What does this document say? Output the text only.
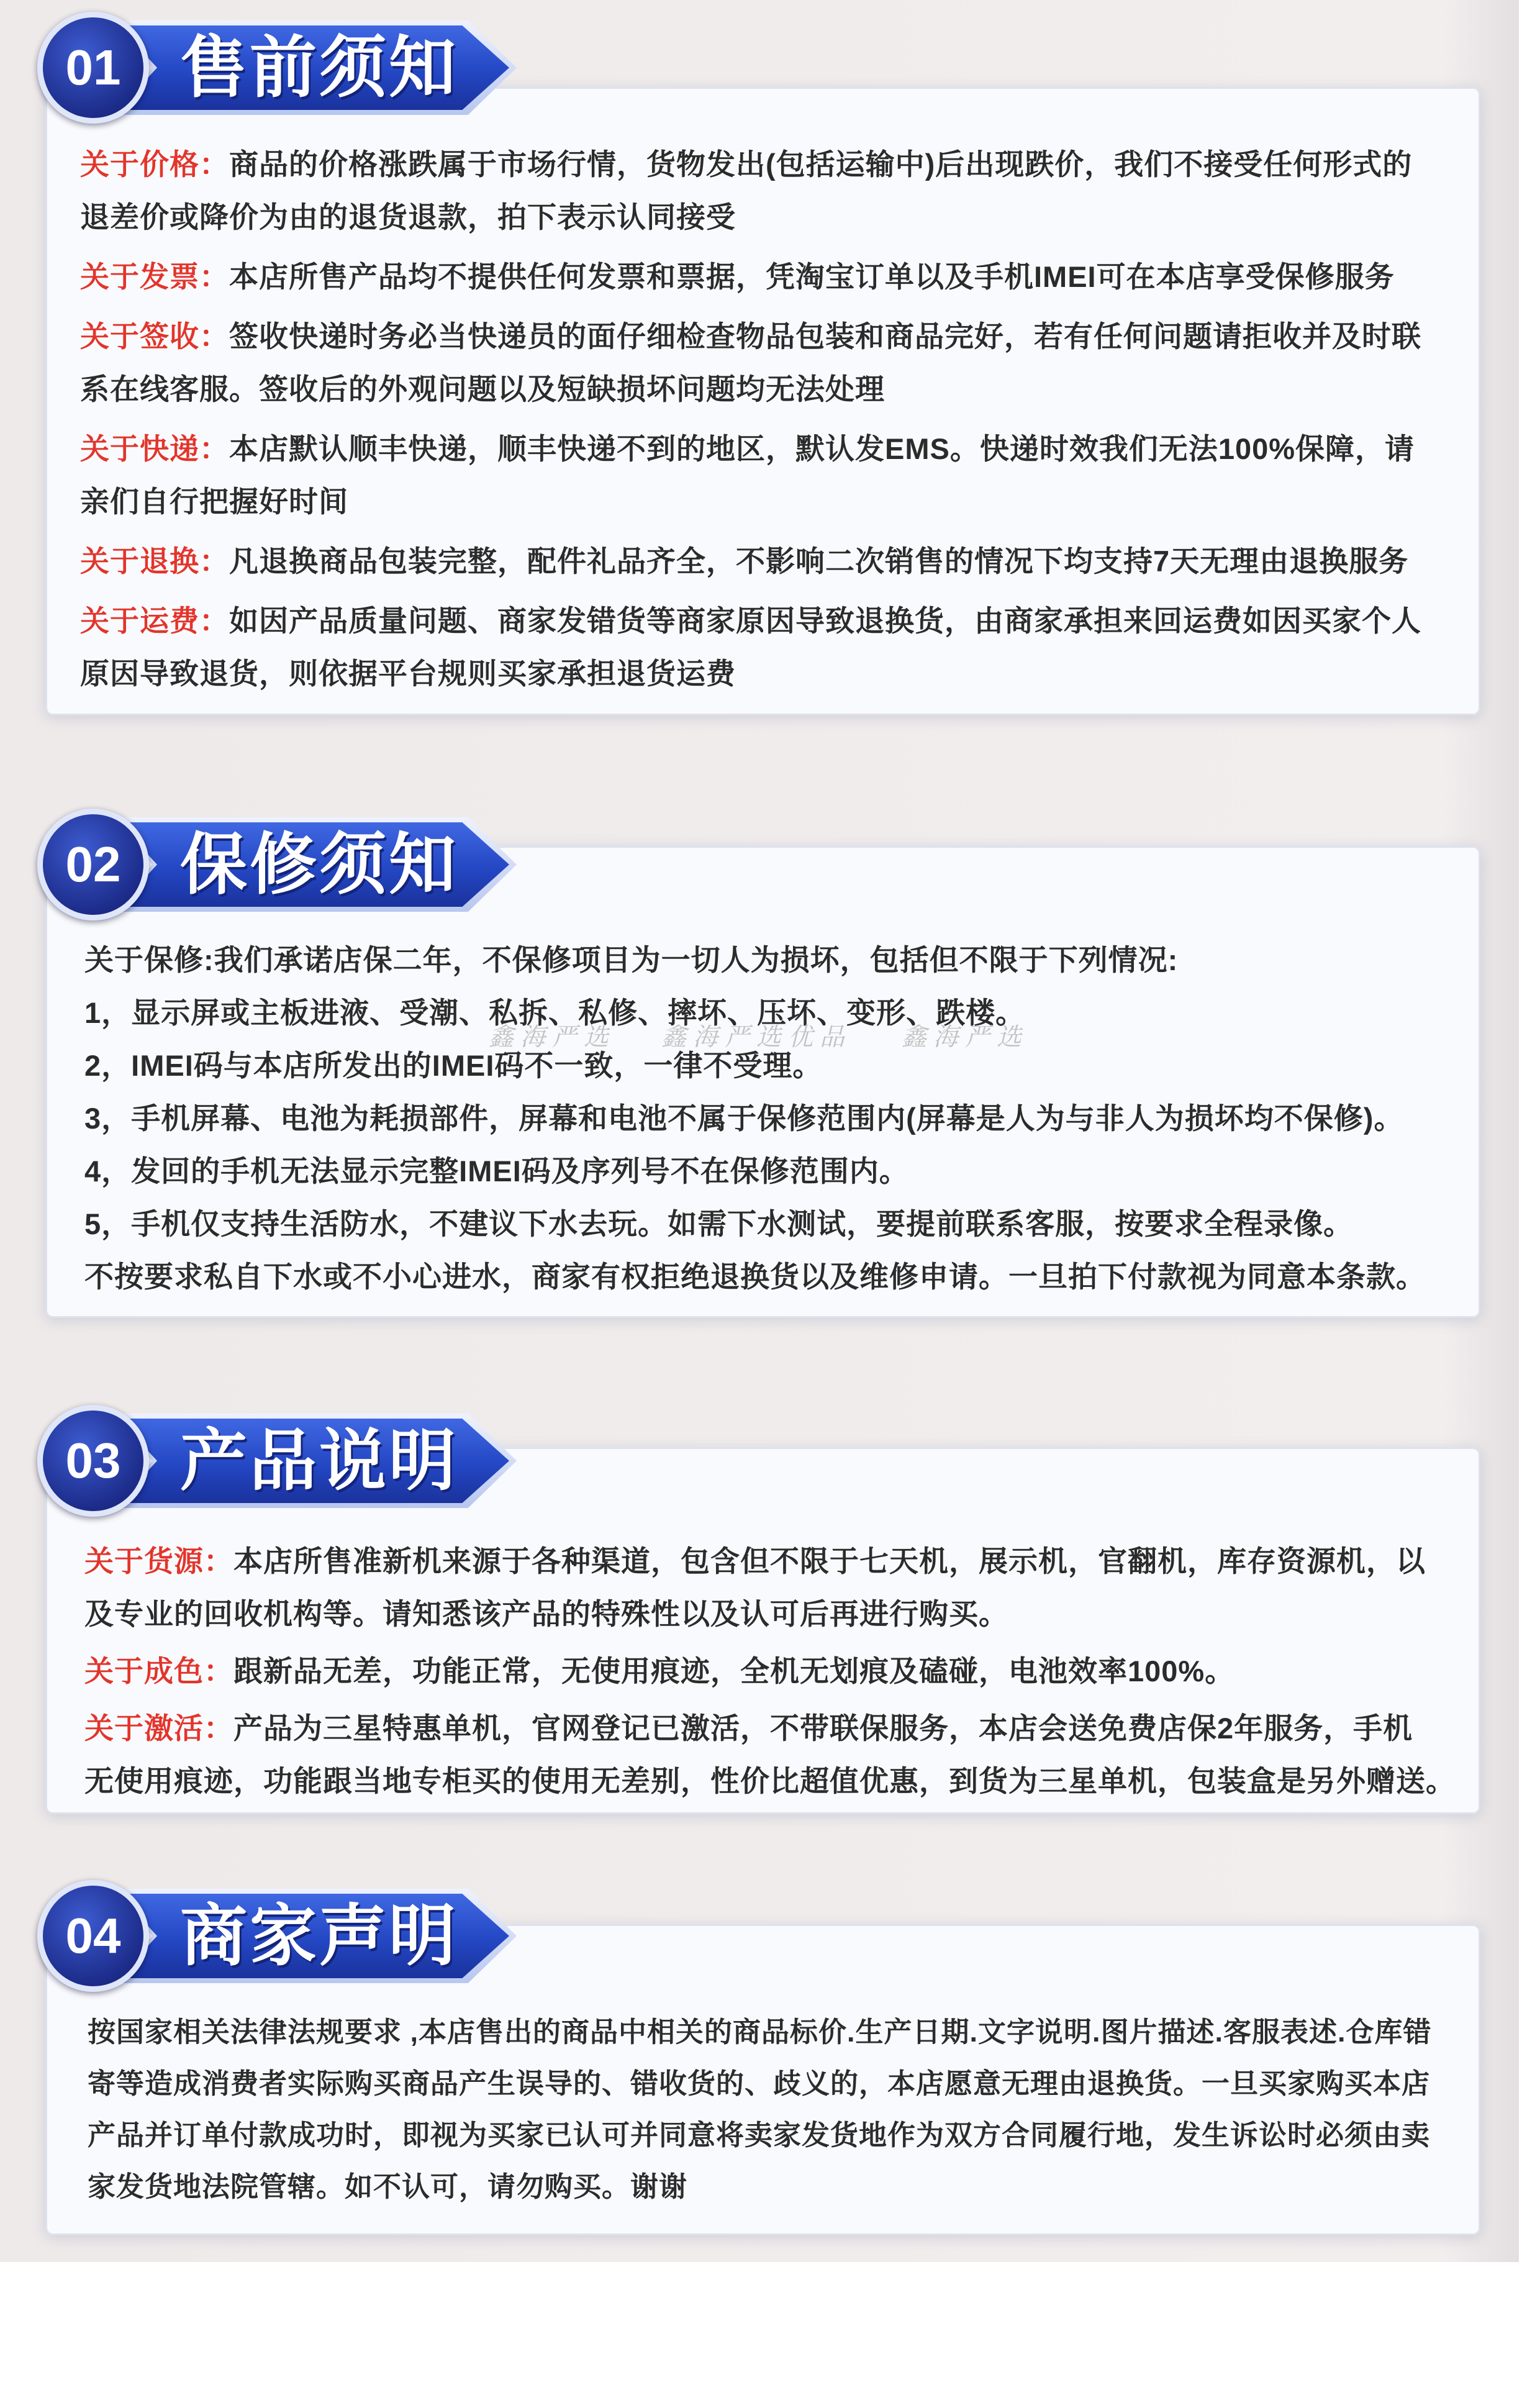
关于价格：商品的价格涨跌属于市场行情，货物发出(包括运输中)后出现跌价，我们不接受任何形式的
退差价或降价为由的退货退款，拍下表示认同接受
关于发票：本店所售产品均不提供任何发票和票据，凭淘宝订单以及手机IMEI可在本店享受保修服务
关于签收：签收快递时务必当快递员的面仔细检查物品包装和商品完好，若有任何问题请拒收并及时联
系在线客服。签收后的外观问题以及短缺损坏问题均无法处理
关于快递：本店默认顺丰快递，顺丰快递不到的地区，默认发EMS。快递时效我们无法100%保障，请
亲们自行把握好时间
关于退换：凡退换商品包装完整，配件礼品齐全，不影响二次销售的情况下均支持7天无理由退换服务
关于运费：如因产品质量问题、商家发错货等商家原因导致退换货，由商家承担来回运费如因买家个人
原因导致退货，则依据平台规则买家承担退货运费
01 售前须知
关于保修:我们承诺店保二年，不保修项目为一切人为损坏，包括但不限于下列情况:
1，显示屏或主板进液、受潮、私拆、私修、摔坏、压坏、变形、跌楼。
2，IMEI码与本店所发出的IMEI码不一致，一律不受理。
3，手机屏幕、电池为耗损部件，屏幕和电池不属于保修范围内(屏幕是人为与非人为损坏均不保修)。
4，发回的手机无法显示完整IMEI码及序列号不在保修范围内。
5，手机仅支持生活防水，不建议下水去玩。如需下水测试，要提前联系客服，按要求全程录像。
不按要求私自下水或不小心进水，商家有权拒绝退换货以及维修申请。一旦拍下付款视为同意本条款。
鑫海严选 鑫海严选优品 鑫海严选
02 保修须知
关于货源：本店所售准新机来源于各种渠道，包含但不限于七天机，展示机，官翻机，库存资源机，以
及专业的回收机构等。请知悉该产品的特殊性以及认可后再进行购买。
关于成色：跟新品无差，功能正常，无使用痕迹，全机无划痕及磕碰，电池效率100%。
关于激活：产品为三星特惠单机，官网登记已激活，不带联保服务，本店会送免费店保2年服务，手机
无使用痕迹，功能跟当地专柜买的使用无差别，性价比超值优惠，到货为三星单机，包装盒是另外赠送。
03 产品说明
按国家相关法律法规要求 ,本店售出的商品中相关的商品标价.生产日期.文字说明.图片描述.客服表述.仓库错
寄等造成消费者实际购买商品产生误导的、错收货的、歧义的，本店愿意无理由退换货。一旦买家购买本店
产品并订单付款成功时，即视为买家已认可并同意将卖家发货地作为双方合同履行地，发生诉讼时必须由卖
家发货地法院管辖。如不认可，请勿购买。谢谢
04 商家声明
